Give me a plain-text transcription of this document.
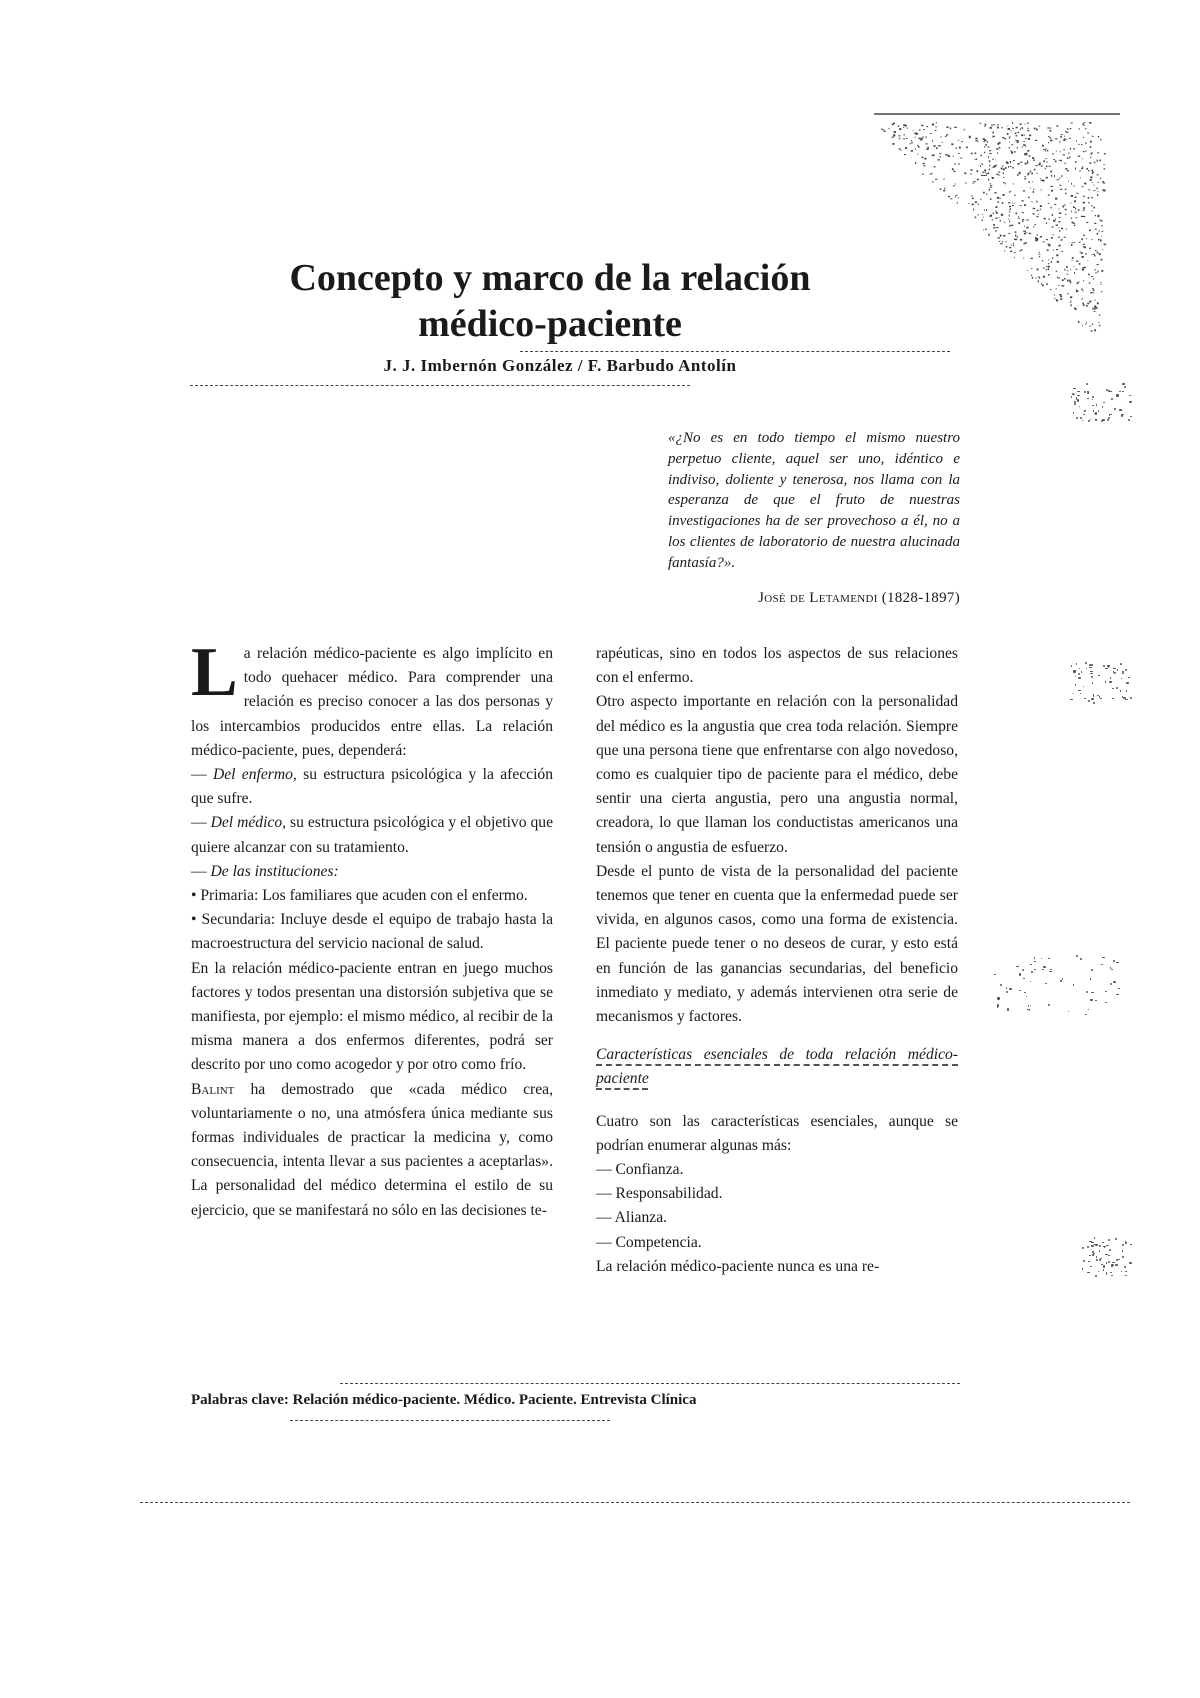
Concepto y marco de la relación
médico-paciente
J. J. Imbernón González / F. Barbudo Antolín
«¿No es en todo tiempo el mismo nuestro perpetuo cliente, aquel ser uno, idéntico e indiviso, doliente y tenerosa, nos llama con la esperanza de que el fruto de nuestras investigaciones ha de ser provechoso a él, no a los clientes de laboratorio de nuestra alucinada fantasía?».
José de Letamendi (1828-1897)

La relación médico-paciente es algo implícito en todo quehacer médico. Para comprender una relación es preciso conocer a las dos personas y los intercambios producidos entre ellas. La relación médico-paciente, pues, dependerá:

— Del enfermo, su estructura psicológica y la afección que sufre.

— Del médico, su estructura psicológica y el objetivo que quiere alcanzar con su tratamiento.

— De las instituciones:

• Primaria: Los familiares que acuden con el enfermo.

• Secundaria: Incluye desde el equipo de trabajo hasta la macroestructura del servicio nacional de salud.

En la relación médico-paciente entran en juego muchos factores y todos presentan una distorsión subjetiva que se manifiesta, por ejemplo: el mismo médico, al recibir de la misma manera a dos enfermos diferentes, podrá ser descrito por uno como acogedor y por otro como frío.

Balint ha demostrado que «cada médico crea, voluntariamente o no, una atmósfera única mediante sus formas individuales de practicar la medicina y, como consecuencia, intenta llevar a sus pacientes a aceptarlas». La personalidad del médico determina el estilo de su ejercicio, que se manifestará no sólo en las decisiones te-

rapéuticas, sino en todos los aspectos de sus relaciones con el enfermo.

Otro aspecto importante en relación con la personalidad del médico es la angustia que crea toda relación. Siempre que una persona tiene que enfrentarse con algo novedoso, como es cualquier tipo de paciente para el médico, debe sentir una cierta angustia, pero una angustia normal, creadora, lo que llaman los conductistas americanos una tensión o angustia de esfuerzo.

Desde el punto de vista de la personalidad del paciente tenemos que tener en cuenta que la enfermedad puede ser vivida, en algunos casos, como una forma de existencia. El paciente puede tener o no deseos de curar, y esto está en función de las ganancias secundarias, del beneficio inmediato y mediato, y además intervienen otra serie de mecanismos y factores.

Características esenciales de toda relación médico-paciente

Cuatro son las características esenciales, aunque se podrían enumerar algunas más:

— Confianza.

— Responsabilidad.

— Alianza.

— Competencia.

La relación médico-paciente nunca es una re-

Palabras clave: Relación médico-paciente. Médico. Paciente. Entrevista Clínica
